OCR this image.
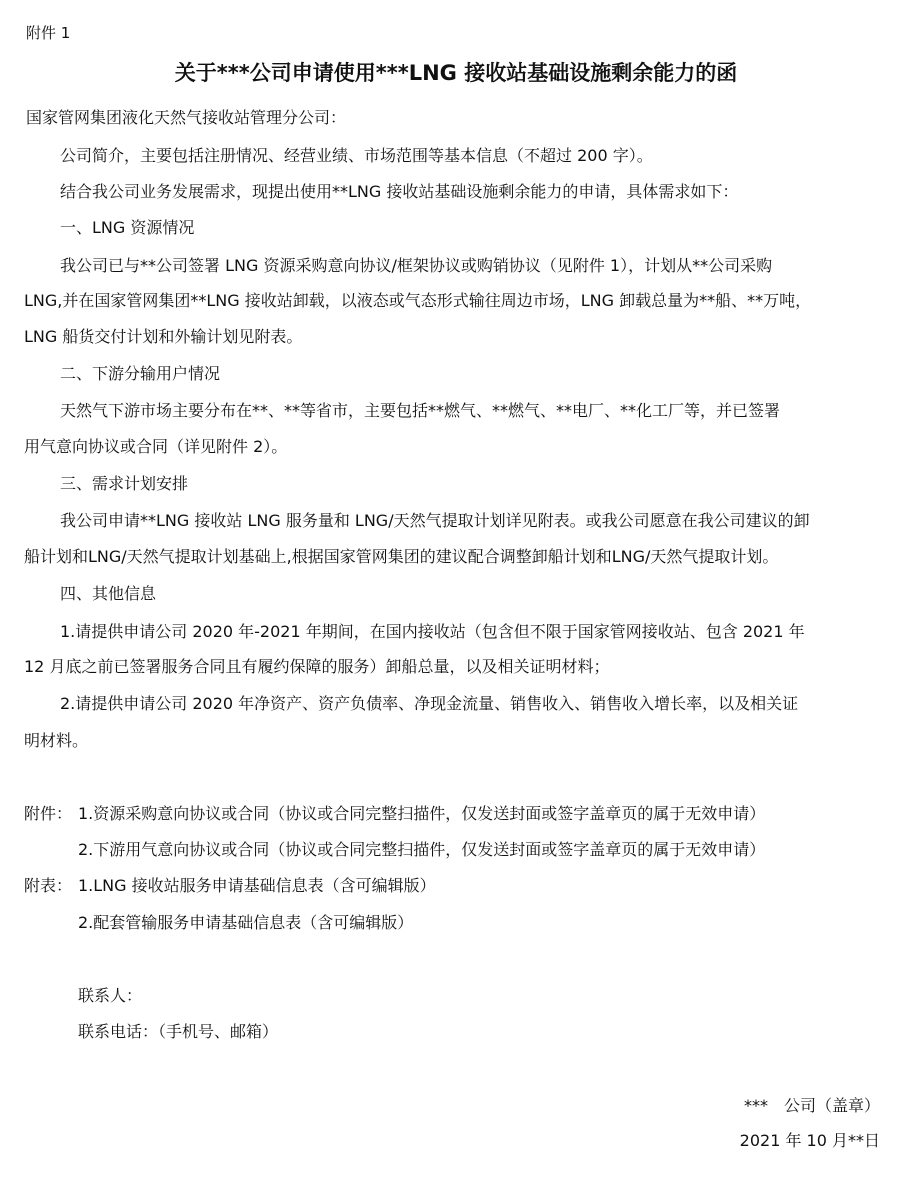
附件 1
关于***公司申请使用***LNG 接收站基础设施剩余能力的函
国家管网集团液化天然气接收站管理分公司：
公司简介，主要包括注册情况、经营业绩、市场范围等基本信息（不超过 200 字）。
结合我公司业务发展需求，现提出使用**LNG 接收站基础设施剩余能力的申请，具体需求如下：
一、LNG 资源情况
我公司已与**公司签署 LNG 资源采购意向协议/框架协议或购销协议（见附件 1），计划从**公司采购
LNG,并在国家管网集团**LNG 接收站卸载，以液态或气态形式输往周边市场，LNG 卸载总量为**船、**万吨，
LNG 船货交付计划和外输计划见附表。
二、下游分输用户情况
天然气下游市场主要分布在**、**等省市，主要包括**燃气、**燃气、**电厂、**化工厂等，并已签署
用气意向协议或合同（详见附件 2）。
三、需求计划安排
我公司申请**LNG 接收站 LNG 服务量和 LNG/天然气提取计划详见附表。或我公司愿意在我公司建议的卸
船计划和LNG/天然气提取计划基础上,根据国家管网集团的建议配合调整卸船计划和LNG/天然气提取计划。
四、其他信息
1.请提供申请公司 2020 年-2021 年期间，在国内接收站（包含但不限于国家管网接收站、包含 2021 年
12 月底之前已签署服务合同且有履约保障的服务）卸船总量，以及相关证明材料；
2.请提供申请公司 2020 年净资产、资产负债率、净现金流量、销售收入、销售收入增长率，以及相关证
明材料。
附件： 1.资源采购意向协议或合同（协议或合同完整扫描件，仅发送封面或签字盖章页的属于无效申请）
2.下游用气意向协议或合同（协议或合同完整扫描件，仅发送封面或签字盖章页的属于无效申请）
附表： 1.LNG 接收站服务申请基础信息表（含可编辑版）
2.配套管输服务申请基础信息表（含可编辑版）
联系人：
联系电话：（手机号、邮箱）
***　公司（盖章）
2021 年 10 月**日
